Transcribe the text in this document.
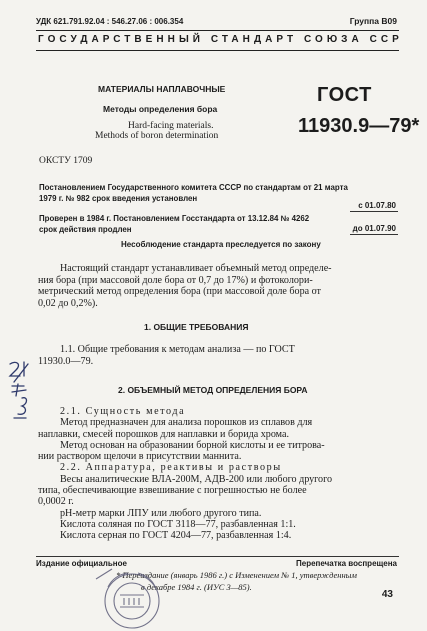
УДК 621.791.92.04 : 546.27.06 : 006.354	Группа В09
ГОСУДАРСТВЕННЫЙ СТАНДАРТ СОЮЗА ССР
МАТЕРИАЛЫ НАПЛАВОЧНЫЕ
Методы определения бора
Hard-facing materials.
Methods of boron determination
ГОСТ
11930.9—79*
ОКСТУ 1709
Постановлением Государственного комитета СССР по стандартам от 21 марта
1979 г. № 982 срок введения установлен
с 01.07.80
Проверен в 1984 г. Постановлением Госстандарта от 13.12.84 № 4262
срок действия продлен	до 01.07.90
Несоблюдение стандарта преследуется по закону

Настоящий стандарт устанавливает объемный метод определе-

ния бора (при массовой доле бора от 0,7 до 17%) и фотоколори-

метрический метод определения бора (при массовой доле бора от

0,02 до 0,2%).

1. ОБЩИЕ ТРЕБОВАНИЯ

1.1. Общие требования к методам анализа — по ГОСТ

11930.0—79.

2. ОБЪЕМНЫЙ МЕТОД ОПРЕДЕЛЕНИЯ БОРА

2.1. Сущность метода

Метод предназначен для анализа порошков из сплавов для

наплавки, смесей порошков для наплавки и борида хрома.

Метод основан на образовании борной кислоты и ее титрова-

нии раствором щелочи в присутствии маннита.

2.2. Аппаратура, реактивы и растворы

Весы аналитические ВЛА-200М, АДВ-200 или любого другого

типа, обеспечивающие взвешивание с погрешностью не более

0,0002 г.

pH-метр марки ЛПУ или любого другого типа.

Кислота соляная по ГОСТ 3118—77, разбавленная 1:1.

Кислота серная по ГОСТ 4204—77, разбавленная 1:4.

Издание официальное	Перепечатка воспрещена
* Переиздание (январь 1986 г.) с Изменением № 1, утвержденным
в декабре 1984 г. (ИУС 3—85).
43
